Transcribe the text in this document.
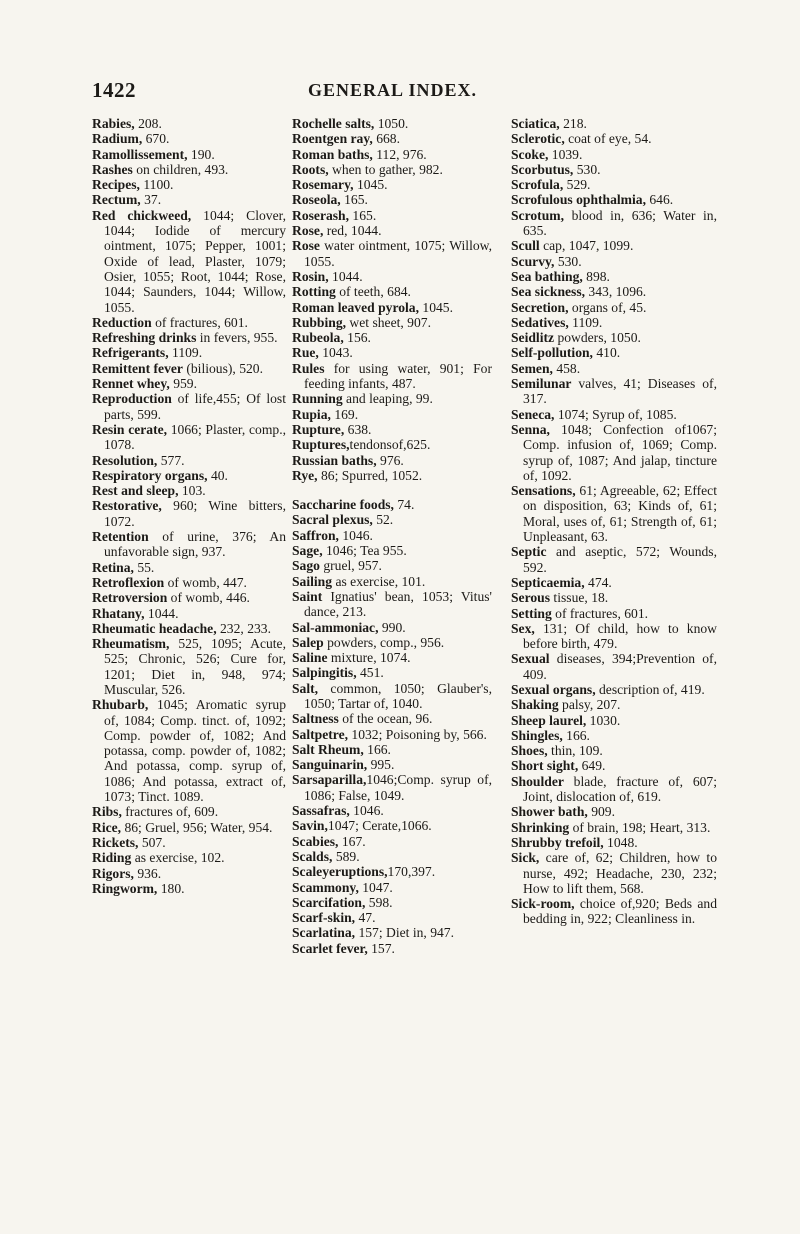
1422	GENERAL INDEX.
Rabies, 208.
Radium, 670.
Ramollissement, 190.
Rashes on children, 493.
Recipes, 1100.
Rectum, 37.
Red chickweed, 1044; Clover, 1044; Iodide of mercury ointment, 1075; Pepper, 1001; Oxide of lead, Plaster, 1079; Osier, 1055; Root, 1044; Rose, 1044; Saunders, 1044; Willow, 1055.
Reduction of fractures, 601.
Refreshing drinks in fevers, 955.
Refrigerants, 1109.
Remittent fever (bilious), 520.
Rennet whey, 959.
Reproduction of life,455; Of lost parts, 599.
Resin cerate, 1066; Plaster, comp., 1078.
Resolution, 577.
Respiratory organs, 40.
Rest and sleep, 103.
Restorative, 960; Wine bitters, 1072.
Retention of urine, 376; An unfavorable sign, 937.
Retina, 55.
Retroflexion of womb, 447.
Retroversion of womb, 446.
Rhatany, 1044.
Rheumatic headache, 232, 233.
Rheumatism, 525, 1095; Acute, 525; Chronic, 526; Cure for, 1201; Diet in, 948, 974; Muscular, 526.
Rhubarb, 1045; Aromatic syrup of, 1084; Comp. tinct. of, 1092; Comp. powder of, 1082; And potassa, comp. powder of, 1082; And potassa, comp. syrup of, 1086; And potassa, extract of, 1073; Tinct. 1089.
Ribs, fractures of, 609.
Rice, 86; Gruel, 956; Water, 954.
Rickets, 507.
Riding as exercise, 102.
Rigors, 936.
Ringworm, 180.
Rochelle salts, 1050.
Roentgen ray, 668.
Roman baths, 112, 976.
Roots, when to gather, 982.
Rosemary, 1045.
Roseola, 165.
Roserash, 165.
Rose, red, 1044.
Rose water ointment, 1075; Willow, 1055.
Rosin, 1044.
Rotting of teeth, 684.
Roman leaved pyrola, 1045.
Rubbing, wet sheet, 907.
Rubeola, 156.
Rue, 1043.
Rules for using water, 901; For feeding infants, 487.
Running and leaping, 99.
Rupia, 169.
Rupture, 638.
Ruptures,tendonsof,625.
Russian baths, 976.
Rye, 86; Spurred, 1052.
Saccharine foods, 74.
Sacral plexus, 52.
Saffron, 1046.
Sage, 1046; Tea 955.
Sago gruel, 957.
Sailing as exercise, 101.
Saint Ignatius' bean, 1053; Vitus' dance, 213.
Sal-ammoniac, 990.
Salep powders, comp., 956.
Saline mixture, 1074.
Salpingitis, 451.
Salt, common, 1050; Glauber's, 1050; Tartar of, 1040.
Saltness of the ocean, 96.
Saltpetre, 1032; Poisoning by, 566.
Salt Rheum, 166.
Sanguinarin, 995.
Sarsaparilla,1046;Comp. syrup of, 1086; False, 1049.
Sassafras, 1046.
Savin,1047; Cerate,1066.
Scabies, 167.
Scalds, 589.
Scaleyeruptions,170,397.
Scammony, 1047.
Scarcifation, 598.
Scarf-skin, 47.
Scarlatina, 157; Diet in, 947.
Scarlet fever, 157.
Sciatica, 218.
Sclerotic, coat of eye, 54.
Scoke, 1039.
Scorbutus, 530.
Scrofula, 529.
Scrofulous ophthalmia, 646.
Scrotum, blood in, 636; Water in, 635.
Scull cap, 1047, 1099.
Scurvy, 530.
Sea bathing, 898.
Sea sickness, 343, 1096.
Secretion, organs of, 45.
Sedatives, 1109.
Seidlitz powders, 1050.
Self-pollution, 410.
Semen, 458.
Semilunar valves, 41; Diseases of, 317.
Seneca, 1074; Syrup of, 1085.
Senna, 1048; Confection of1067; Comp. infusion of, 1069; Comp. syrup of, 1087; And jalap, tincture of, 1092.
Sensations, 61; Agreeable, 62; Effect on disposition, 63; Kinds of, 61; Moral, uses of, 61; Strength of, 61; Unpleasant, 63.
Septic and aseptic, 572; Wounds, 592.
Septicaemia, 474.
Serous tissue, 18.
Setting of fractures, 601.
Sex, 131; Of child, how to know before birth, 479.
Sexual diseases, 394;Prevention of, 409.
Sexual organs, description of, 419.
Shaking palsy, 207.
Sheep laurel, 1030.
Shingles, 166.
Shoes, thin, 109.
Short sight, 649.
Shoulder blade, fracture of, 607; Joint, dislocation of, 619.
Shower bath, 909.
Shrinking of brain, 198; Heart, 313.
Shrubby trefoil, 1048.
Sick, care of, 62; Children, how to nurse, 492; Headache, 230, 232; How to lift them, 568.
Sick-room, choice of,920; Beds and bedding in, 922; Cleanliness in.
